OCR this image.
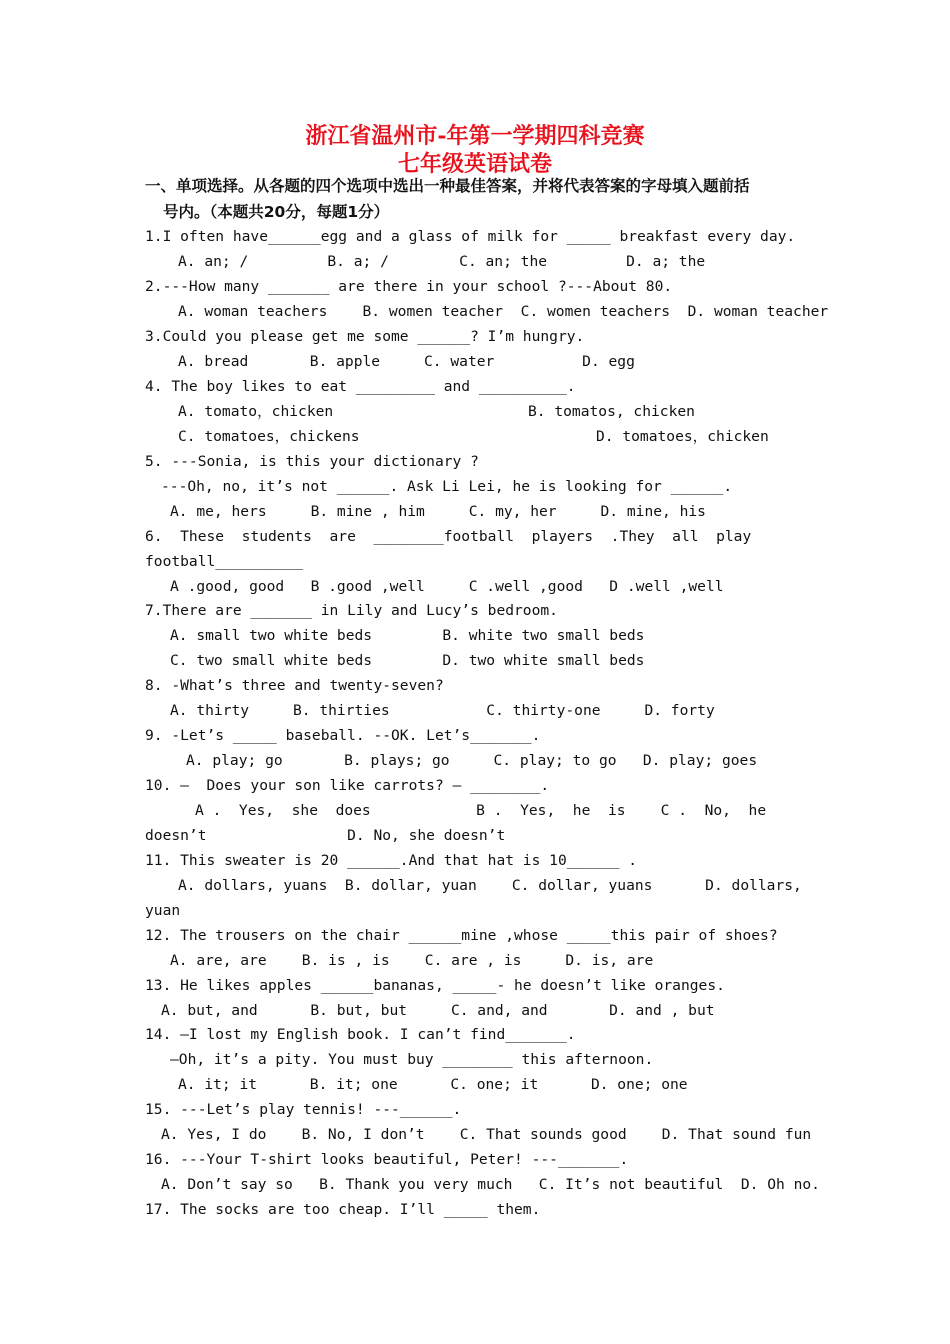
浙江省温州市-年第一学期四科竞赛
七年级英语试卷
一、单项选择。从各题的四个选项中选出一种最佳答案，并将代表答案的字母填入题前括
号内。（本题共20分，每题1分）
1.I often have______egg and a glass of milk for _____ breakfast every day.
A. an; /         B. a; /        C. an; the         D. a; the
2.---How many _______ are there in your school ?---About 80.
A. woman teachers    B. women teacher  C. women teachers  D. woman teacher
3.Could you please get me some ______? I’m hungry.
A. bread       B. apple     C. water          D. egg
4. The boy likes to eat _________ and __________.
A. tomato，chicken	B. tomatos, chicken
C. tomatoes，chickens	D. tomatoes，chicken
5. ---Sonia, is this your dictionary ?
---Oh, no, it’s not ______. Ask Li Lei, he is looking for ______.
A. me, hers     B. mine , him     C. my, her     D. mine, his
6.  These  students  are  ________football  players  .They  all  play
football__________
A .good, good   B .good ,well     C .well ,good   D .well ,well
7.There are _______ in Lily and Lucy’s bedroom.
A. small two white beds        B. white two small beds
C. two small white beds        D. two white small beds
8. -What’s three and twenty-seven?
A. thirty     B. thirties           C. thirty-one     D. forty
9. -Let’s _____ baseball. --OK. Let’s_______.
A. play; go       B. plays; go     C. play; to go   D. play; goes
10. —  Does your son like carrots? — ________.
A .  Yes,  she  does            B .  Yes,  he  is    C .  No,  he
doesn’t                D. No, she doesn’t
11. This sweater is 20 ______.And that hat is 10______ .
A. dollars, yuans  B. dollar, yuan    C. dollar, yuans      D. dollars,
yuan
12. The trousers on the chair ______mine ,whose _____this pair of shoes?
A. are, are    B. is , is    C. are , is     D. is, are
13. He likes apples ______bananas, _____- he doesn’t like oranges.
A. but, and      B. but, but     C. and, and       D. and , but
14. —I lost my English book. I can’t find_______.
—Oh, it’s a pity. You must buy ________ this afternoon.
A. it; it      B. it; one      C. one; it      D. one; one
15. ---Let’s play tennis! ---______.
A. Yes, I do    B. No, I don’t    C. That sounds good    D. That sound fun
16. ---Your T-shirt looks beautiful, Peter! ---_______.
A. Don’t say so   B. Thank you very much   C. It’s not beautiful  D. Oh no.
17. The socks are too cheap. I’ll _____ them.
